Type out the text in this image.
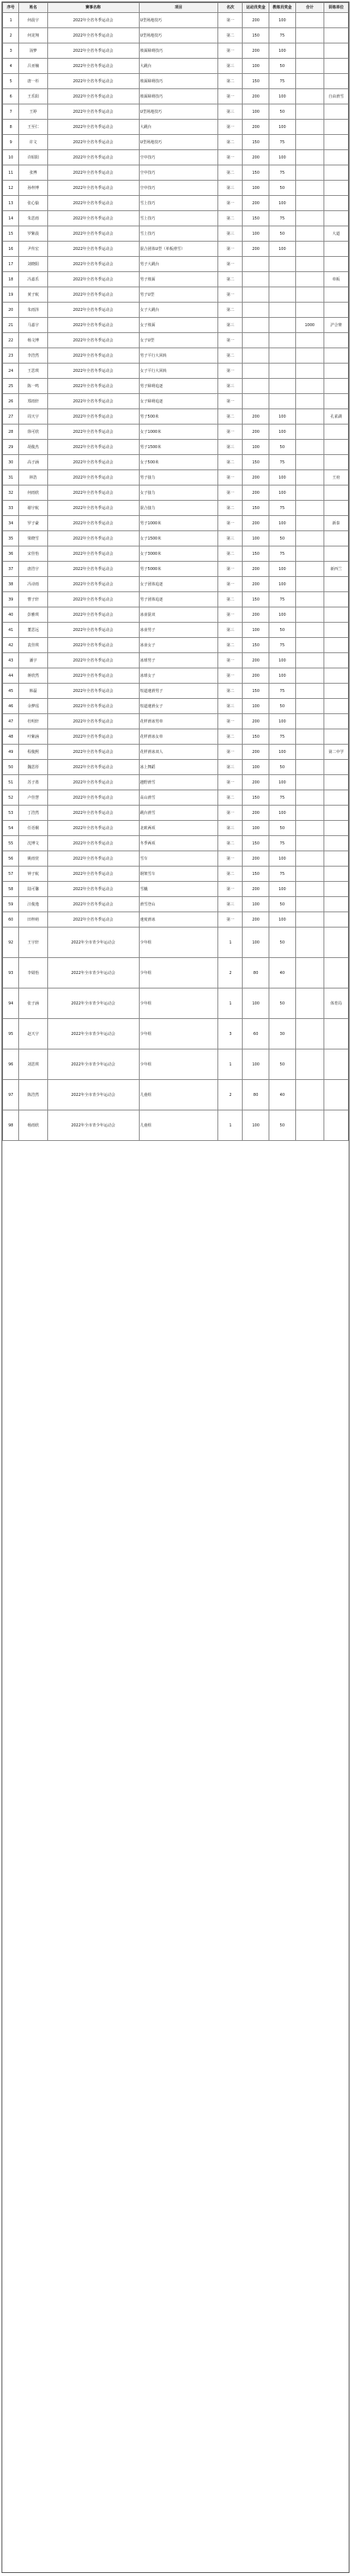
序号	姓名	赛事名称	项目	名次	运动员奖金	教练员奖金	合计	训练单位
1	何晨宇	2022年全省冬季运动会	U型场地技巧	第一	200	100		
2	何龙翔	2022年全省冬季运动会	U型场地技巧	第二	150	75		
3	汤梦	2022年全省冬季运动会	坡面障碍技巧	第一	200	100		
4	吕亚楠	2022年全省冬季运动会	大跳台	第三	100	50		
5	唐一杉	2022年全省冬季运动会	坡面障碍技巧	第二	150	75		
6	王乐阳	2022年全省冬季运动会	坡面障碍技巧	第一	200	100		自由滑雪
7	王婷	2022年全省冬季运动会	U型场地技巧	第三	100	50		
8	王至仁	2022年全省冬季运动会	大跳台	第一	200	100		
9	许文	2022年全省冬季运动会	U型场地技巧	第二	150	75		
10	许昭阳	2022年全省冬季运动会	空中技巧	第一	200	100		
11	张博	2022年全省冬季运动会	空中技巧	第二	150	75		
12	孙梓博	2022年全省冬季运动会	空中技巧	第三	100	50		
13	张心愉	2022年全省冬季运动会	雪上技巧	第一	200	100		
14	朱思雨	2022年全省冬季运动会	雪上技巧	第二	150	75		
15	罗紫晨	2022年全省冬季运动会	雪上技巧	第三	100	50		大道
16	尹传宏	2022年全省冬季运动会	混合团体U型（单板滑雪）	第一	200	100		
17	刘晓阳	2022年全省冬季运动会	男子大跳台	第一				
18	冯嘉乐	2022年全省冬季运动会	男子坡面	第二				单板
19	黄子航	2022年全省冬季运动会	男子U型	第一				
20	朱雨泽	2022年全省冬季运动会	女子大跳台	第二				
21	马嘉宇	2022年全省冬季运动会	女子坡面	第三			1000	沪合赛
22	杨文博	2022年全省冬季运动会	女子U型	第一				
23	李浩然	2022年全省冬季运动会	男子平行大回转	第二				
24	王思琪	2022年全省冬季运动会	女子平行大回转	第一				
25	陈一鸣	2022年全省冬季运动会	男子障碍追逐	第三				
26	郑雨轩	2022年全省冬季运动会	女子障碍追逐	第一				
27	周天宇	2022年全省冬季运动会	男子500米	第二	200	100		孔雀湖
28	徐可欣	2022年全省冬季运动会	女子1000米	第一	200	100		
29	胡俊杰	2022年全省冬季运动会	男子1500米	第三	100	50		
30	高子涵	2022年全省冬季运动会	女子500米	第二	150	75		
31	林浩	2022年全省冬季运动会	男子接力	第一	200	100		王府
32	何雨欣	2022年全省冬季运动会	女子接力	第一	200	100		
33	谢宇航	2022年全省冬季运动会	混合接力	第二	150	75		
34	罗子豪	2022年全省冬季运动会	男子1000米	第一	200	100		新泰
35	梁晓雪	2022年全省冬季运动会	女子1500米	第三	100	50		
36	宋佳怡	2022年全省冬季运动会	女子3000米	第二	150	75		
37	唐浩宇	2022年全省冬季运动会	男子5000米	第一	200	100		新西兰
38	冯诗雨	2022年全省冬季运动会	女子团体追逐	第一	200	100		
39	曹子轩	2022年全省冬季运动会	男子团体追逐	第二	150	75		
40	彭雅琪	2022年全省冬季运动会	冰壶混双	第一	200	100		
41	董思远	2022年全省冬季运动会	冰壶男子	第三	100	50		
42	袁佳琪	2022年全省冬季运动会	冰壶女子	第二	150	75		
43	潘宇	2022年全省冬季运动会	冰球男子	第一	200	100		
44	蒋欣然	2022年全省冬季运动会	冰球女子	第一	200	100		
45	韩磊	2022年全省冬季运动会	短道速滑男子	第二	150	75		
46	余梦瑶	2022年全省冬季运动会	短道速滑女子	第三	100	50		
47	杜明轩	2022年全省冬季运动会	花样滑冰男单	第一	200	100		
48	叶紫涵	2022年全省冬季运动会	花样滑冰女单	第二	150	75		
49	程俊熙	2022年全省冬季运动会	花样滑冰双人	第一	200	100		第二中学
50	魏思彤	2022年全省冬季运动会	冰上舞蹈	第三	100	50		
51	苏子墨	2022年全省冬季运动会	越野滑雪	第一	200	100		
52	卢佳慧	2022年全省冬季运动会	高山滑雪	第二	150	75		
53	丁浩然	2022年全省冬季运动会	跳台滑雪	第一	200	100		
54	任语桐	2022年全省冬季运动会	北欧两项	第三	100	50		
55	沈博文	2022年全省冬季运动会	冬季两项	第二	150	75		
56	姚雨萱	2022年全省冬季运动会	雪车	第一	200	100		
57	钟子航	2022年全省冬季运动会	钢架雪车	第二	150	75		
58	陆可馨	2022年全省冬季运动会	雪橇	第一	200	100		
59	汪俊逸	2022年全省冬季运动会	滑雪登山	第三	100	50		
60	田梓萌	2022年全省冬季运动会	速度滑冰	第一	200	100		
92	王宇轩	2022年全市青少年运动会	少年组	1	100	50		
93	李婧怡	2022年全市青少年运动会	少年组	2	80	40		
94	张子涵	2022年全市青少年运动会	少年组	1	100	50		体育局
95	赵天宇	2022年全市青少年运动会	少年组	3	60	30		
96	刘思琪	2022年全市青少年运动会	少年组	1	100	50		
97	陈浩然	2022年全市青少年运动会	儿童组	2	80	40		
98	杨雨欣	2022年全市青少年运动会	儿童组	1	100	50		
